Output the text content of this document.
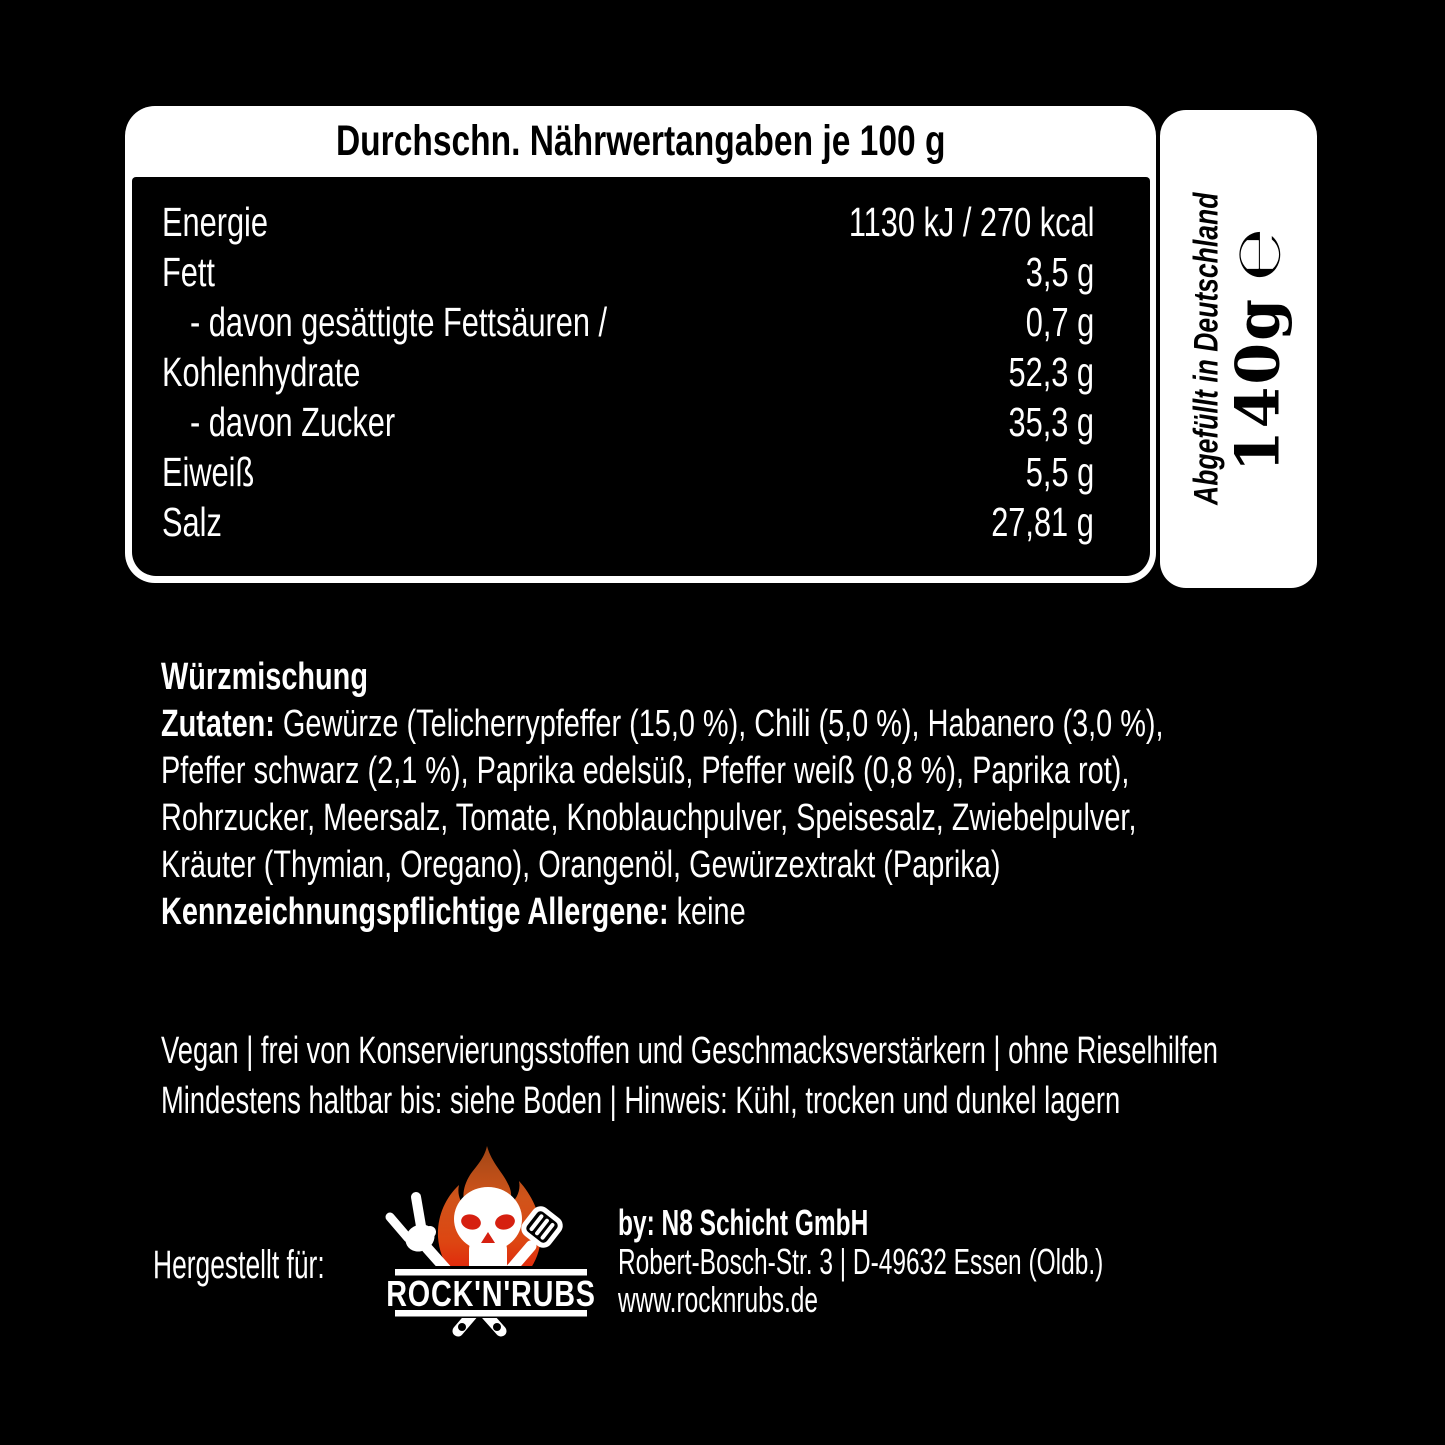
Durchschn. Nährwertangaben je 100 g
Energie	1130 kJ / 270 kcal
Fett	3,5 g
- davon gesättigte Fettsäuren /	0,7 g
Kohlenhydrate	52,3 g
- davon Zucker	35,3 g
Eiweiß	5,5 g
Salz	27,81 g
Abgefüllt in Deutschland
140g
℮
Würzmischung
Zutaten: Gewürze (Telicherrypfeffer (15,0 %), Chili (5,0 %), Habanero (3,0 %),
Pfeffer schwarz (2,1 %), Paprika edelsüß, Pfeffer weiß (0,8 %), Paprika rot),
Rohrzucker, Meersalz, Tomate, Knoblauchpulver, Speisesalz, Zwiebelpulver,
Kräuter (Thymian, Oregano), Orangenöl, Gewürzextrakt (Paprika)
Kennzeichnungspflichtige Allergene: keine
Vegan | frei von Konservierungsstoffen und Geschmacksverstärkern | ohne Rieselhilfen
Mindestens haltbar bis: siehe Boden | Hinweis: Kühl, trocken und dunkel lagern
Hergestellt für:
ROCK'N'RUBS
by: N8 Schicht GmbH
Robert-Bosch-Str. 3 | D-49632 Essen (Oldb.)
www.rocknrubs.de
